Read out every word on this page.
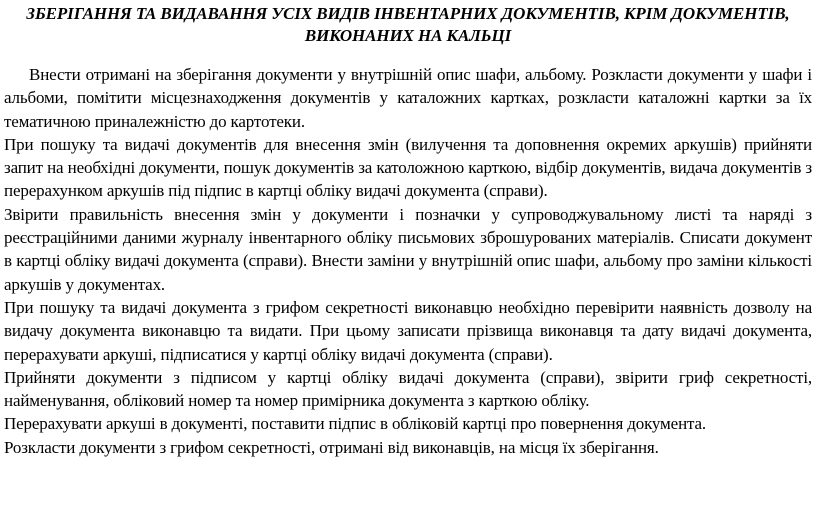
ЗБЕРІГАННЯ ТА ВИДАВАННЯ УСІХ ВИДІВ ІНВЕНТАРНИХ ДОКУМЕНТІВ, КРІМ ДОКУМЕНТІВ, ВИКОНАНИХ НА КАЛЬЦІ

Внести отримані на зберігання документи у внутрішній опис шафи, альбому. Розкласти документи у шафи і альбоми, помітити місцезнаходження документів у каталожних картках, розкласти каталожні картки за їх тематичною приналежністю до картотеки.

При пошуку та видачі документів для внесення змін (вилучення та доповнення окремих аркушів) прийняти запит на необхідні документи, пошук документів за католожною карткою, відбір документів, видача документів з перерахунком аркушів під підпис в картці обліку видачі документа (справи).

Звірити правильність внесення змін у документи і позначки у супроводжувальному листі та наряді з реєстраційними даними журналу інвентарного обліку письмових зброшурованих матеріалів. Списати документ в картці обліку видачі документа (справи). Внести заміни у внутрішній опис шафи, альбому про заміни кількості аркушів у документах.

При пошуку та видачі документа з грифом секретності виконавцю необхідно перевірити наявність дозволу на видачу документа виконавцю та видати. При цьому записати прізвища виконавця та дату видачі документа, перерахувати аркуші, підписатися у картці обліку видачі документа (справи).

Прийняти документи з підписом у картці обліку видачі документа (справи), звірити гриф секретності, найменування, обліковий номер та номер примірника документа з карткою обліку.

Перерахувати аркуші в документі, поставити підпис в обліковій картці про повернення документа.

Розкласти документи з грифом секретності, отримані від виконавців, на місця їх зберігання.
